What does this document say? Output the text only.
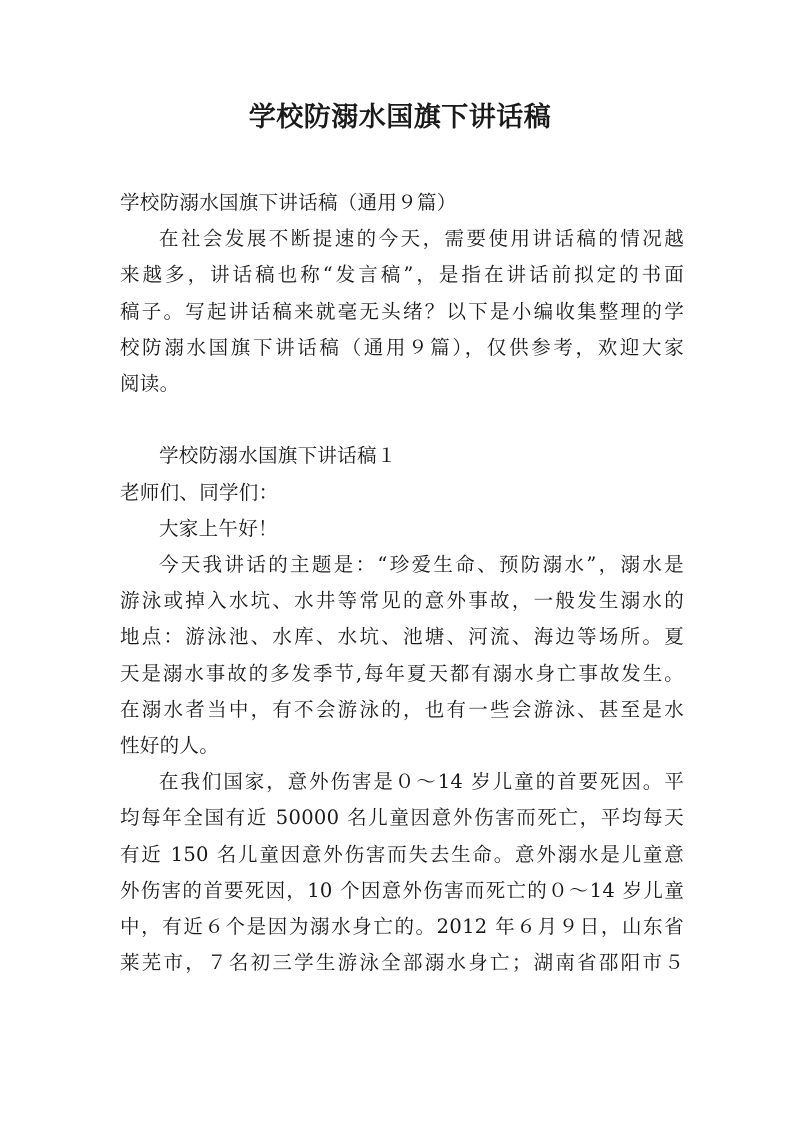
学校防溺水国旗下讲话稿

学校防溺水国旗下讲话稿（通用９篇）

在社会发展不断提速的今天，需要使用讲话稿的情况越

来越多，讲话稿也称“发言稿”，是指在讲话前拟定的书面

稿子。写起讲话稿来就毫无头绪？以下是小编收集整理的学

校防溺水国旗下讲话稿（通用９篇），仅供参考，欢迎大家

阅读。

学校防溺水国旗下讲话稿１

老师们、同学们：

大家上午好！

今天我讲话的主题是：“珍爱生命、预防溺水”，溺水是

游泳或掉入水坑、水井等常见的意外事故，一般发生溺水的

地点：游泳池、水库、水坑、池塘、河流、海边等场所。夏

天是溺水事故的多发季节,每年夏天都有溺水身亡事故发生。

在溺水者当中，有不会游泳的，也有一些会游泳、甚至是水

性好的人。

在我们国家，意外伤害是０～14 岁儿童的首要死因。平

均每年全国有近 50000 名儿童因意外伤害而死亡，平均每天

有近 150 名儿童因意外伤害而失去生命。意外溺水是儿童意

外伤害的首要死因，10 个因意外伤害而死亡的０～14 岁儿童

中，有近６个是因为溺水身亡的。2012 年６月９日，山东省

莱芜市，７名初三学生游泳全部溺水身亡；湖南省邵阳市５
